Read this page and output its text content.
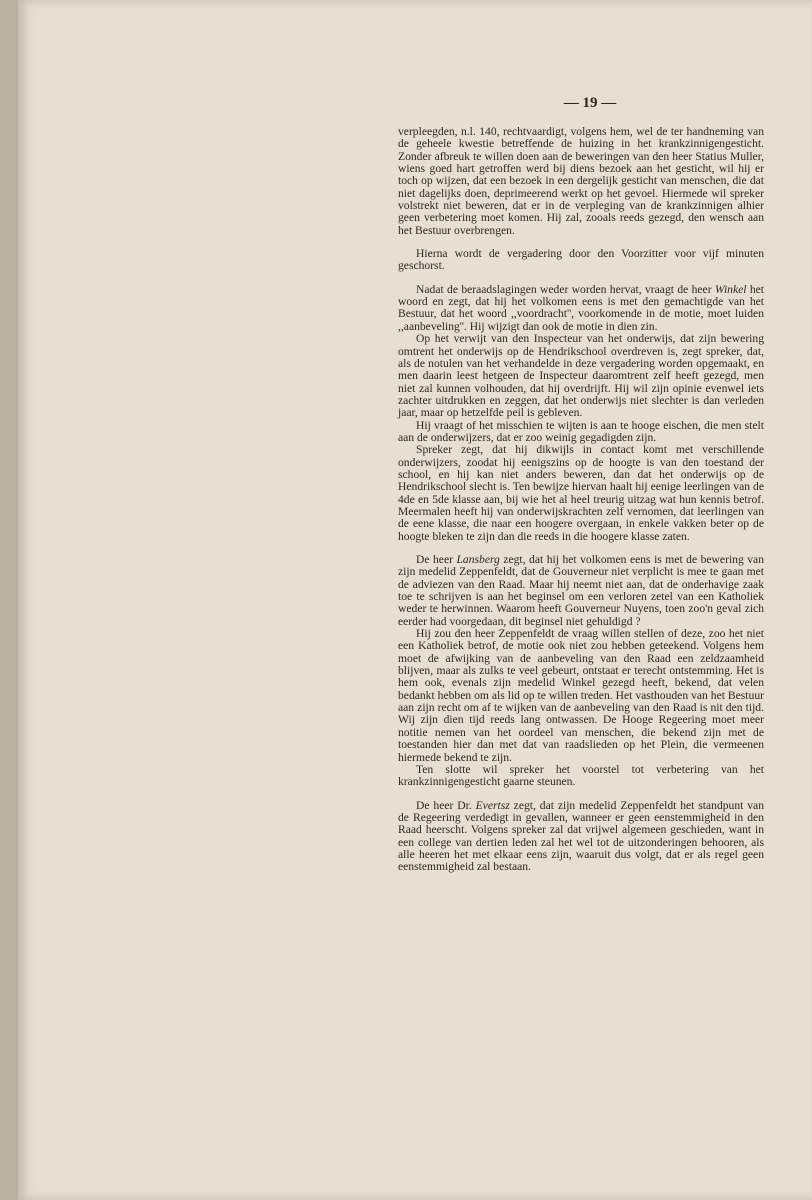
— 19 —

verpleegden, n.l. 140, rechtvaardigt, volgens hem, wel de ter handneming van de geheele kwestie betreffende de huizing in het krankzinnigengesticht. Zonder afbreuk te willen doen aan de beweringen van den heer Statius Muller, wiens goed hart getroffen werd bij diens bezoek aan het gesticht, wil hij er toch op wijzen, dat een bezoek in een dergelijk gesticht van menschen, die dat niet dagelijks doen, deprimeerend werkt op het gevoel. Hiermede wil spreker volstrekt niet beweren, dat er in de verpleging van de krankzinnigen alhier geen verbetering moet komen. Hij zal, zooals reeds gezegd, den wensch aan het Bestuur overbrengen.

Hierna wordt de vergadering door den Voorzitter voor vijf minuten geschorst.

Nadat de beraadslagingen weder worden hervat, vraagt de heer Winkel het woord en zegt, dat hij het volkomen eens is met den gemachtigde van het Bestuur, dat het woord ,,voordracht'', voorkomende in de motie, moet luiden ,,aanbeveling''. Hij wijzigt dan ook de motie in dien zin.

Op het verwijt van den Inspecteur van het onderwijs, dat zijn bewering omtrent het onderwijs op de Hendrikschool overdreven is, zegt spreker, dat, als de notulen van het verhandelde in deze vergadering worden opgemaakt, en men daarin leest hetgeen de Inspecteur daaromtrent zelf heeft gezegd, men niet zal kunnen volhouden, dat hij overdrijft. Hij wil zijn opinie evenwel iets zachter uitdrukken en zeggen, dat het onderwijs niet slechter is dan verleden jaar, maar op hetzelfde peil is gebleven.

Hij vraagt of het misschien te wijten is aan te hooge eischen, die men stelt aan de onderwijzers, dat er zoo weinig gegadigden zijn.

Spreker zegt, dat hij dikwijls in contact komt met verschillende onderwijzers, zoodat hij eenigszins op de hoogte is van den toestand der school, en hij kan niet anders beweren, dan dat het onderwijs op de Hendrikschool slecht is. Ten bewijze hiervan haalt hij eenige leerlingen van de 4de en 5de klasse aan, bij wie het al heel treurig uitzag wat hun kennis betrof. Meermalen heeft hij van onderwijskrachten zelf vernomen, dat leerlingen van de eene klasse, die naar een hoogere overgaan, in enkele vakken beter op de hoogte bleken te zijn dan die reeds in die hoogere klasse zaten.

De heer Lansberg zegt, dat hij het volkomen eens is met de bewering van zijn medelid Zeppenfeldt, dat de Gouverneur niet verplicht is mee te gaan met de adviezen van den Raad. Maar hij neemt niet aan, dat de onderhavige zaak toe te schrijven is aan het beginsel om een verloren zetel van een Katholiek weder te herwinnen. Waarom heeft Gouverneur Nuyens, toen zoo'n geval zich eerder had voorgedaan, dit beginsel niet gehuldigd ?

Hij zou den heer Zeppenfeldt de vraag willen stellen of deze, zoo het niet een Katholiek betrof, de motie ook niet zou hebben geteekend. Volgens hem moet de afwijking van de aanbeveling van den Raad een zeldzaamheid blijven, maar als zulks te veel gebeurt, ontstaat er terecht ontstemming. Het is hem ook, evenals zijn medelid Winkel gezegd heeft, bekend, dat velen bedankt hebben om als lid op te willen treden. Het vasthouden van het Bestuur aan zijn recht om af te wijken van de aanbeveling van den Raad is nit den tijd. Wij zijn dien tijd reeds lang ontwassen. De Hooge Regeering moet meer notitie nemen van het oordeel van menschen, die bekend zijn met de toestanden hier dan met dat van raadslieden op het Plein, die vermeenen hiermede bekend te zijn.

Ten slotte wil spreker het voorstel tot verbetering van het krankzinnigengesticht gaarne steunen.

De heer Dr. Evertsz zegt, dat zijn medelid Zeppenfeldt het standpunt van de Regeering verdedigt in gevallen, wanneer er geen eenstemmigheid in den Raad heerscht. Volgens spreker zal dat vrijwel algemeen geschieden, want in een college van dertien leden zal het wel tot de uitzonderingen behooren, als alle heeren het met elkaar eens zijn, waaruit dus volgt, dat er als regel geen eenstemmigheid zal bestaan.
